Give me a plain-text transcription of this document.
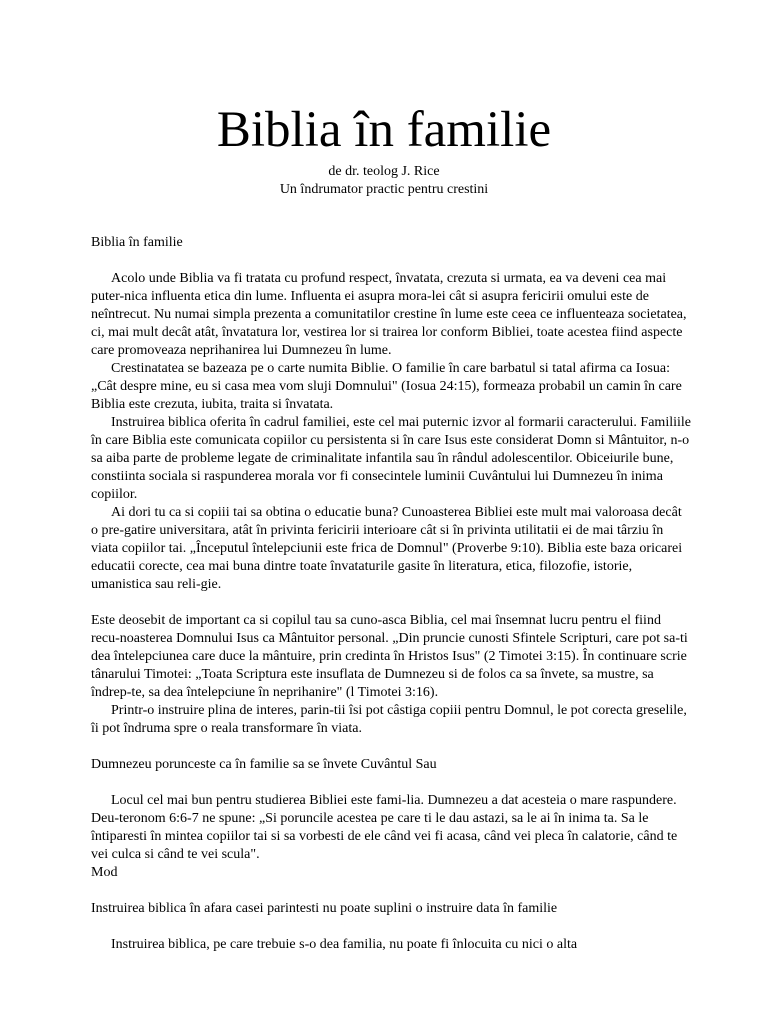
Biblia în familie

de dr. teolog J. Rice

Un îndrumator practic pentru crestini

Biblia în familie

Acolo unde Biblia va fi tratata cu profund respect, învatata, crezuta si urmata, ea va deveni cea mai puter-nica influenta etica din lume. Influenta ei asupra mora-lei cât si asupra fericirii omului este de neîntrecut. Nu numai simpla prezenta a comunitatilor crestine în lume este ceea ce influenteaza societatea, ci, mai mult decât atât, învatatura lor, vestirea lor si trairea lor conform Bibliei, toate acestea fiind aspecte care promoveaza neprihanirea lui Dumnezeu în lume.

Crestinatatea se bazeaza pe o carte numita Biblie. O familie în care barbatul si tatal afirma ca Iosua: „Cât despre mine, eu si casa mea vom sluji Domnului" (Iosua 24:15), formeaza probabil un camin în care Biblia este crezuta, iubita, traita si învatata.

Instruirea biblica oferita în cadrul familiei, este cel mai puternic izvor al formarii caracterului. Familiile în care Biblia este comunicata copiilor cu persistenta si în care Isus este considerat Domn si Mântuitor, n-o sa aiba parte de probleme legate de criminalitate infantila sau în rândul adolescentilor. Obiceiurile bune, constiinta sociala si raspunderea morala vor fi consecintele luminii Cuvântului lui Dumnezeu în inima copiilor.

Ai dori tu ca si copiii tai sa obtina o educatie buna? Cunoasterea Bibliei este mult mai valoroasa decât o pre-gatire universitara, atât în privinta fericirii interioare cât si în privinta utilitatii ei de mai târziu în viata copiilor tai. „Începutul întelepciunii este frica de Domnul" (Proverbe 9:10). Biblia este baza oricarei educatii corecte, cea mai buna dintre toate învataturile gasite în literatura, etica, filozofie, istorie, umanistica sau reli-gie.

Este deosebit de important ca si copilul tau sa cuno-asca Biblia, cel mai însemnat lucru pentru el fiind recu-noasterea Domnului Isus ca Mântuitor personal. „Din pruncie cunosti Sfintele Scripturi, care pot sa-ti dea întelepciunea care duce la mântuire, prin credinta în Hristos Isus" (2 Timotei 3:15). În continuare scrie tânarului Timotei: „Toata Scriptura este insuflata de Dumnezeu si de folos ca sa învete, sa mustre, sa îndrep-te, sa dea întelepciune în neprihanire" (l Timotei 3:16).

Printr-o instruire plina de interes, parin-tii îsi pot câstiga copiii pentru Domnul, le pot corecta greselile, îi pot îndruma spre o reala transformare în viata.

Dumnezeu porunceste ca în familie sa se învete Cuvântul Sau

Locul cel mai bun pentru studierea Bibliei este fami-lia. Dumnezeu a dat acesteia o mare raspundere. Deu-teronom 6:6-7 ne spune: „Si poruncile acestea pe care ti le dau astazi, sa le ai în inima ta. Sa le întiparesti în mintea copiilor tai si sa vorbesti de ele când vei fi acasa, când vei pleca în calatorie, când te vei culca si când te vei scula".

Mod

Instruirea biblica în afara casei parintesti nu poate suplini o instruire data în familie

Instruirea biblica, pe care trebuie s-o dea familia, nu poate fi înlocuita cu nici o alta
